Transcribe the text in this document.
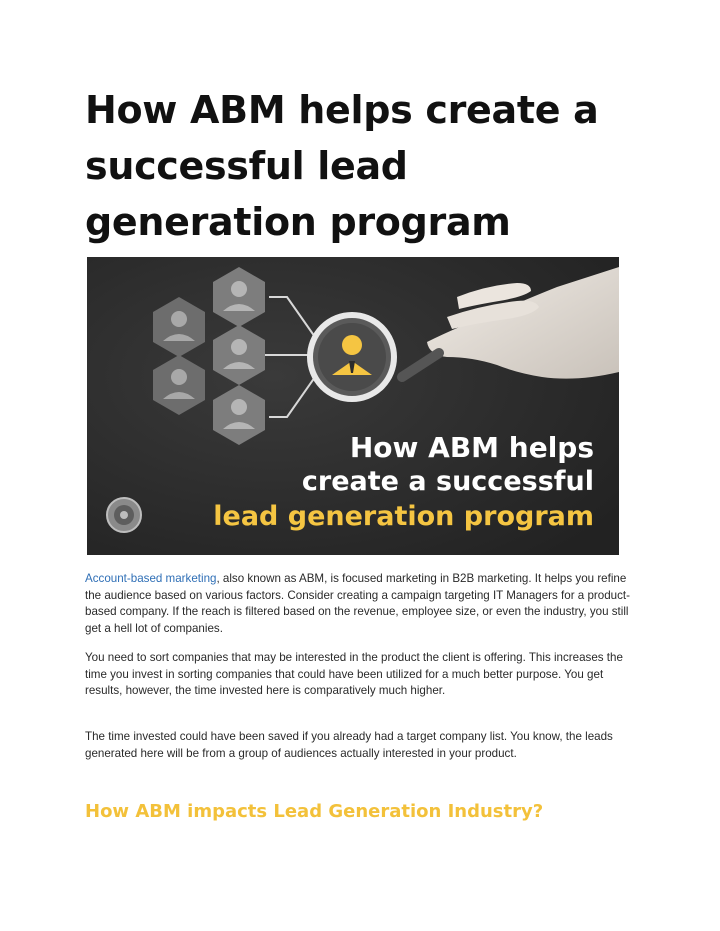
How ABM helps create a successful lead generation program
How ABM helps
create a successful
lead generation program

Account-based marketing, also known as ABM, is focused marketing in B2B marketing. It helps you refine the audience based on various factors. Consider creating a campaign targeting IT Managers for a product-based company. If the reach is filtered based on the revenue, employee size, or even the industry, you still get a hell lot of companies.

You need to sort companies that may be interested in the product the client is offering. This increases the time you invest in sorting companies that could have been utilized for a much better purpose. You get results, however, the time invested here is comparatively much higher.

The time invested could have been saved if you already had a target company list. You know, the leads generated here will be from a group of audiences actually interested in your product.

How ABM impacts Lead Generation Industry?
